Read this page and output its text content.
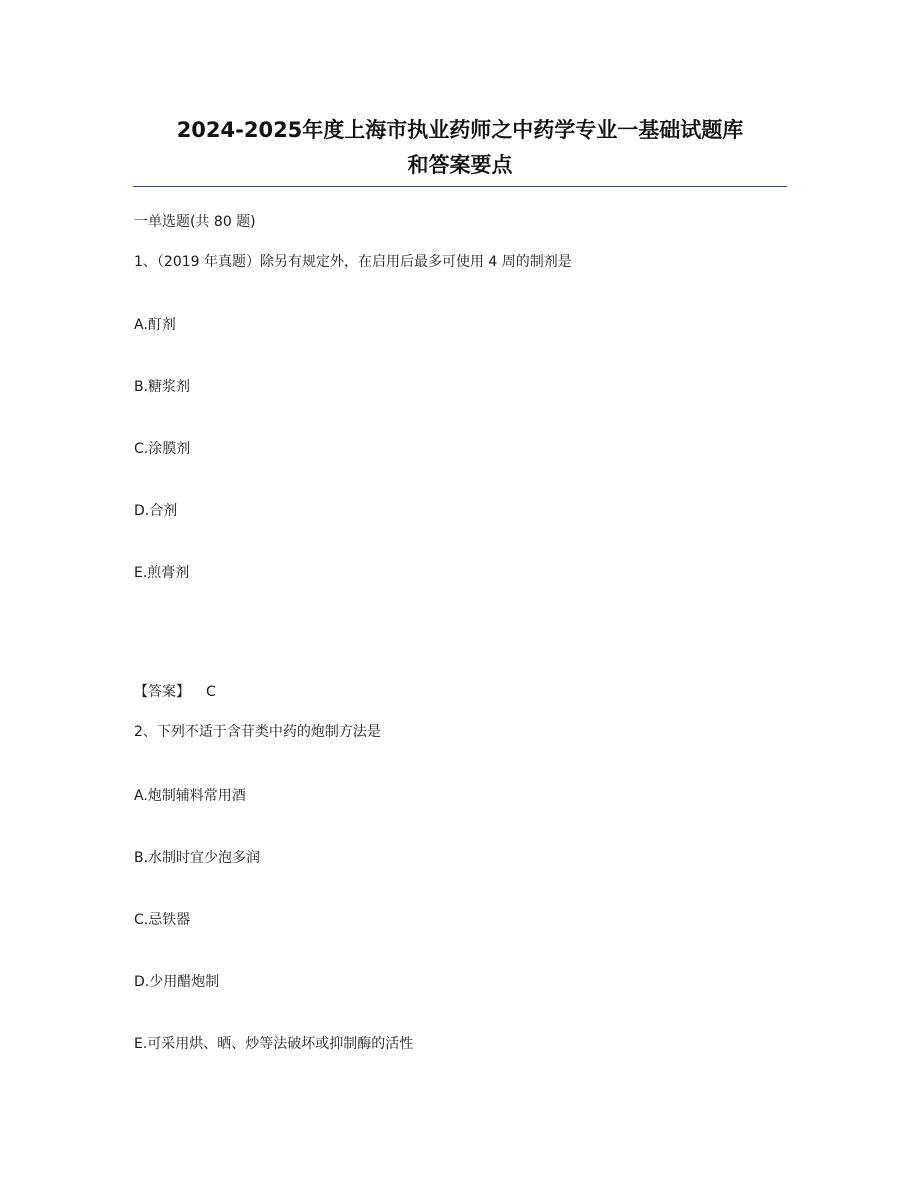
2024-2025年度上海市执业药师之中药学专业一基础试题库
和答案要点
一单选题(共 80 题)
1、（2019 年真题）除另有规定外，在启用后最多可使用 4 周的制剂是
A.酊剂
B.糖浆剂
C.涂膜剂
D.合剂
E.煎膏剂
【答案】 C
2、下列不适于含苷类中药的炮制方法是
A.炮制辅料常用酒
B.水制时宜少泡多润
C.忌铁器
D.少用醋炮制
E.可采用烘、晒、炒等法破坏或抑制酶的活性
